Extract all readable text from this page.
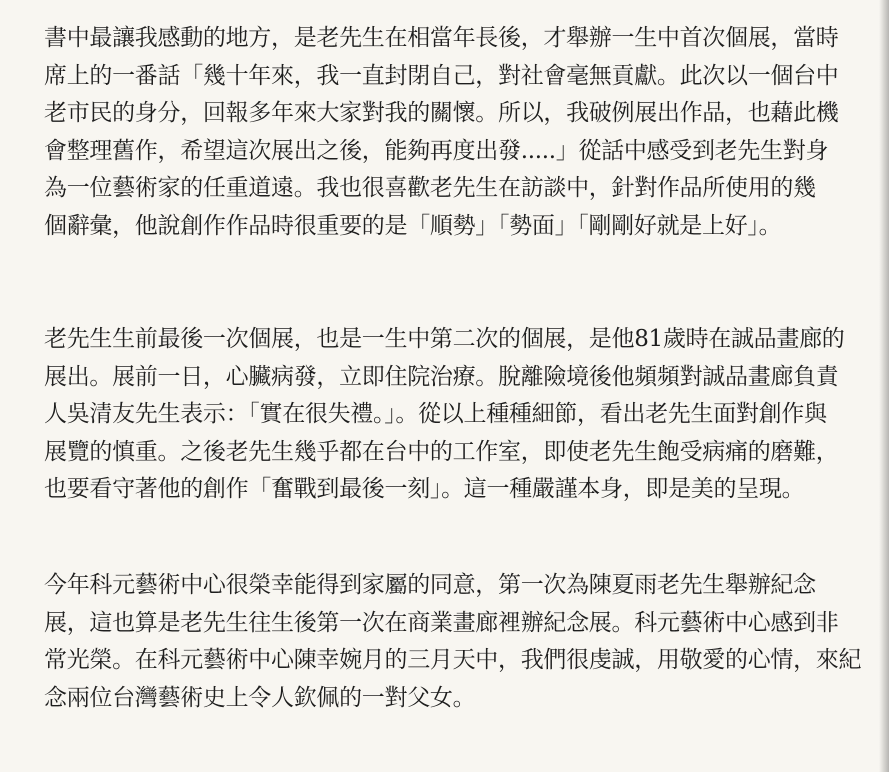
書中最讓我感動的地方，是老先生在相當年長後，才舉辦一生中首次個展，當時
席上的一番話「幾十年來，我一直封閉自己，對社會毫無貢獻。此次以一個台中
老市民的身分，回報多年來大家對我的關懷。所以，我破例展出作品，也藉此機
會整理舊作，希望這次展出之後，能夠再度出發.....」從話中感受到老先生對身
為一位藝術家的任重道遠。我也很喜歡老先生在訪談中，針對作品所使用的幾
個辭彙，他說創作作品時很重要的是「順勢」「勢面」「剛剛好就是上好」。

老先生生前最後一次個展，也是一生中第二次的個展，是他81歲時在誠品畫廊的
展出。展前一日，心臟病發，立即住院治療。脫離險境後他頻頻對誠品畫廊負責
人吳清友先生表示：「實在很失禮。」。從以上種種細節，看出老先生面對創作與
展覽的慎重。之後老先生幾乎都在台中的工作室，即使老先生飽受病痛的磨難，
也要看守著他的創作「奮戰到最後一刻」。這一種嚴謹本身，即是美的呈現。

今年科元藝術中心很榮幸能得到家屬的同意，第一次為陳夏雨老先生舉辦紀念
展，這也算是老先生往生後第一次在商業畫廊裡辦紀念展。科元藝術中心感到非
常光榮。在科元藝術中心陳幸婉月的三月天中，我們很虔誠，用敬愛的心情，來紀
念兩位台灣藝術史上令人欽佩的一對父女。
